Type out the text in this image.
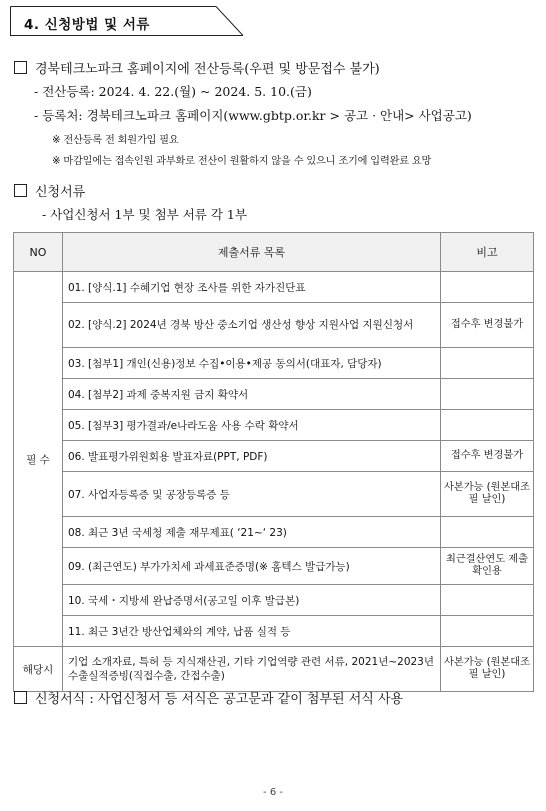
4. 신청방법 및 서류
경북테크노파크 홈페이지에 전산등록(우편 및 방문접수 불가)
- 전산등록: 2024. 4. 22.(월) ~ 2024. 5. 10.(금)
- 등록처: 경북테크노파크 홈페이지(www.gbtp.or.kr > 공고 · 안내> 사업공고)
※ 전산등록 전 회원가입 필요
※ 마감일에는 접속인원 과부화로 전산이 원활하지 않을 수 있으니 조기에 입력완료 요망
신청서류
- 사업신청서 1부 및 첨부 서류 각 1부
NO	제출서류 목록	비고
필 수	01. [양식.1] 수혜기업 현장 조사를 위한 자가진단표	
	02. [양식.2] 2024년 경북 방산 중소기업 생산성 향상 지원사업 지원신청서	접수후 변경불가
	03. [첨부1] 개인(신용)정보 수집•이용•제공 동의서(대표자, 담당자)	
	04. [첨부2] 과제 중복지원 금지 확약서	
	05. [첨부3] 평가결과/e나라도움 사용 수락 확약서	
	06. 발표평가위원회용 발표자료(PPT, PDF)	접수후 변경불가
	07. 사업자등록증 및 공장등록증 등	사본가능 (원본대조필 날인)
	08. 최근 3년 국세청 제출 재무제표( ‘21~‘ 23)	
	09. (최근연도) 부가가치세 과세표준증명(※ 홈텍스 발급가능)	최근결산연도 제출확인용
	10. 국세・지방세 완납증명서(공고일 이후 발급본)	
	11. 최근 3년간 방산업체와의 계약, 납품 실적 등	
해당시	기업 소개자료, 특허 등 지식재산권, 기타 기업역량 관련 서류, 2021년~2023년 수출실적증빙(직접수출, 간접수출)	사본가능 (원본대조필 날인)
신청서식 : 사업신청서 등 서식은 공고문과 같이 첨부된 서식 사용
- 6 -
